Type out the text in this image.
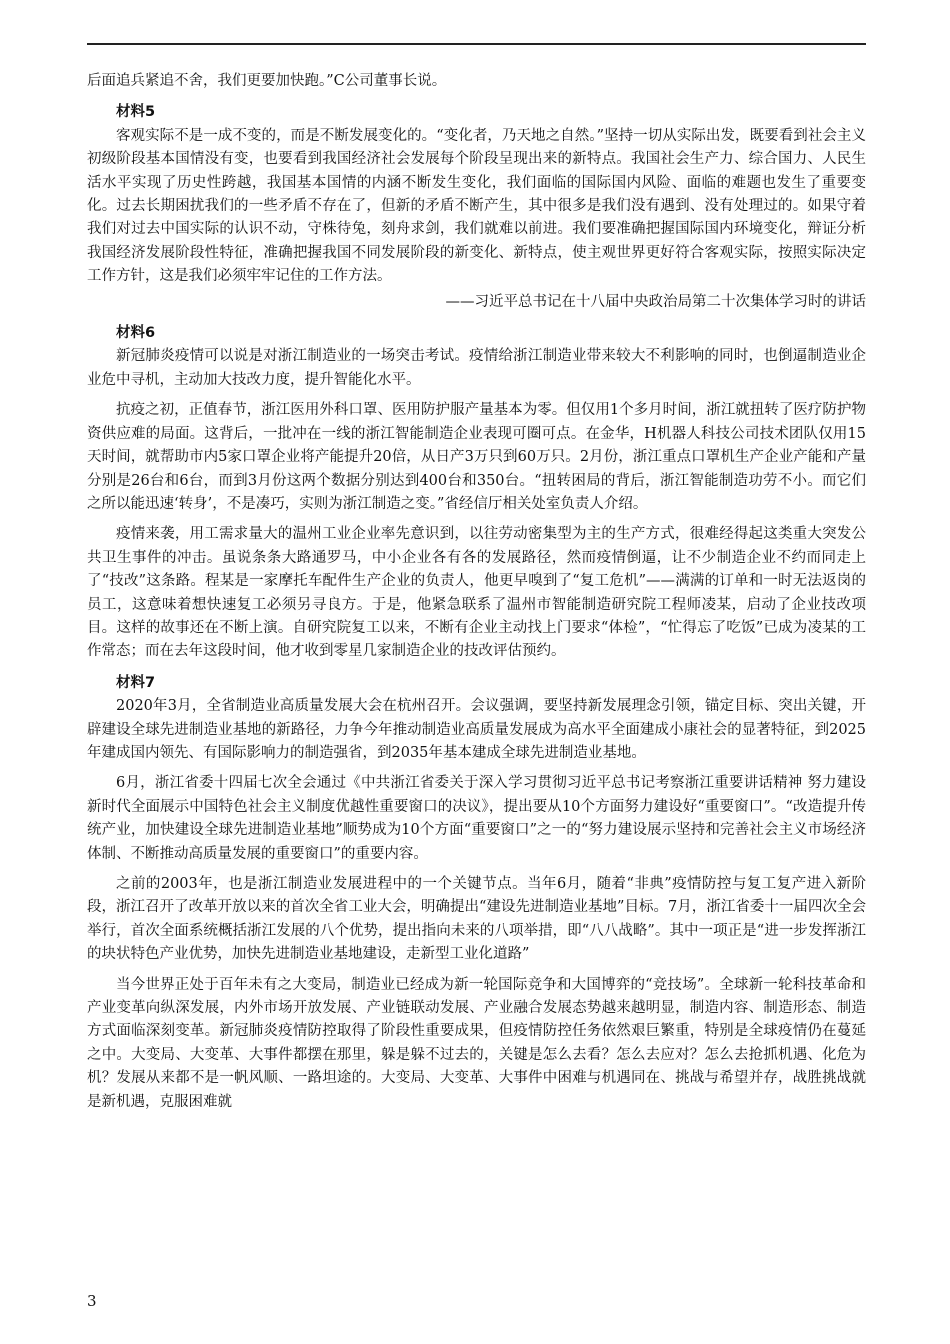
后面追兵紧追不舍，我们更要加快跑。”C公司董事长说。

材料5

客观实际不是一成不变的，而是不断发展变化的。“变化者，乃天地之自然。”坚持一切从实际出发，既要看到社会主义初级阶段基本国情没有变，也要看到我国经济社会发展每个阶段呈现出来的新特点。我国社会生产力、综合国力、人民生活水平实现了历史性跨越，我国基本国情的内涵不断发生变化，我们面临的国际国内风险、面临的难题也发生了重要变化。过去长期困扰我们的一些矛盾不存在了，但新的矛盾不断产生，其中很多是我们没有遇到、没有处理过的。如果守着我们对过去中国实际的认识不动，守株待兔，刻舟求剑，我们就难以前进。我们要准确把握国际国内环境变化，辩证分析我国经济发展阶段性特征，准确把握我国不同发展阶段的新变化、新特点，使主观世界更好符合客观实际，按照实际决定工作方针，这是我们必须牢牢记住的工作方法。

——习近平总书记在十八届中央政治局第二十次集体学习时的讲话

材料6

新冠肺炎疫情可以说是对浙江制造业的一场突击考试。疫情给浙江制造业带来较大不利影响的同时，也倒逼制造业企业危中寻机，主动加大技改力度，提升智能化水平。

抗疫之初，正值春节，浙江医用外科口罩、医用防护服产量基本为零。但仅用1个多月时间，浙江就扭转了医疗防护物资供应难的局面。这背后，一批冲在一线的浙江智能制造企业表现可圈可点。在金华，H机器人科技公司技术团队仅用15天时间，就帮助市内5家口罩企业将产能提升20倍，从日产3万只到60万只。2月份，浙江重点口罩机生产企业产能和产量分别是26台和6台，而到3月份这两个数据分别达到400台和350台。“扭转困局的背后，浙江智能制造功劳不小。而它们之所以能迅速‘转身’，不是凑巧，实则为浙江制造之变。”省经信厅相关处室负责人介绍。

疫情来袭，用工需求量大的温州工业企业率先意识到，以往劳动密集型为主的生产方式，很难经得起这类重大突发公共卫生事件的冲击。虽说条条大路通罗马，中小企业各有各的发展路径，然而疫情倒逼，让不少制造企业不约而同走上了“技改”这条路。程某是一家摩托车配件生产企业的负责人，他更早嗅到了“复工危机”——满满的订单和一时无法返岗的员工，这意味着想快速复工必须另寻良方。于是，他紧急联系了温州市智能制造研究院工程师凌某，启动了企业技改项目。这样的故事还在不断上演。自研究院复工以来，不断有企业主动找上门要求“体检”，“忙得忘了吃饭”已成为凌某的工作常态；而在去年这段时间，他才收到零星几家制造企业的技改评估预约。

材料7

2020年3月，全省制造业高质量发展大会在杭州召开。会议强调，要坚持新发展理念引领，锚定目标、突出关键，开辟建设全球先进制造业基地的新路径，力争今年推动制造业高质量发展成为高水平全面建成小康社会的显著特征，到2025年建成国内领先、有国际影响力的制造强省，到2035年基本建成全球先进制造业基地。

6月，浙江省委十四届七次全会通过《中共浙江省委关于深入学习贯彻习近平总书记考察浙江重要讲话精神 努力建设新时代全面展示中国特色社会主义制度优越性重要窗口的决议》，提出要从10个方面努力建设好“重要窗口”。“改造提升传统产业，加快建设全球先进制造业基地”顺势成为10个方面“重要窗口”之一的“努力建设展示坚持和完善社会主义市场经济体制、不断推动高质量发展的重要窗口”的重要内容。

之前的2003年，也是浙江制造业发展进程中的一个关键节点。当年6月，随着“非典”疫情防控与复工复产进入新阶段，浙江召开了改革开放以来的首次全省工业大会，明确提出“建设先进制造业基地”目标。7月，浙江省委十一届四次全会举行，首次全面系统概括浙江发展的八个优势，提出指向未来的八项举措，即“八八战略”。其中一项正是“进一步发挥浙江的块状特色产业优势，加快先进制造业基地建设，走新型工业化道路”

当今世界正处于百年未有之大变局，制造业已经成为新一轮国际竞争和大国博弈的“竞技场”。全球新一轮科技革命和产业变革向纵深发展，内外市场开放发展、产业链联动发展、产业融合发展态势越来越明显，制造内容、制造形态、制造方式面临深刻变革。新冠肺炎疫情防控取得了阶段性重要成果，但疫情防控任务依然艰巨繁重，特别是全球疫情仍在蔓延之中。大变局、大变革、大事件都摆在那里，躲是躲不过去的，关键是怎么去看？怎么去应对？怎么去抢抓机遇、化危为机？发展从来都不是一帆风顺、一路坦途的。大变局、大变革、大事件中困难与机遇同在、挑战与希望并存，战胜挑战就是新机遇，克服困难就

3
